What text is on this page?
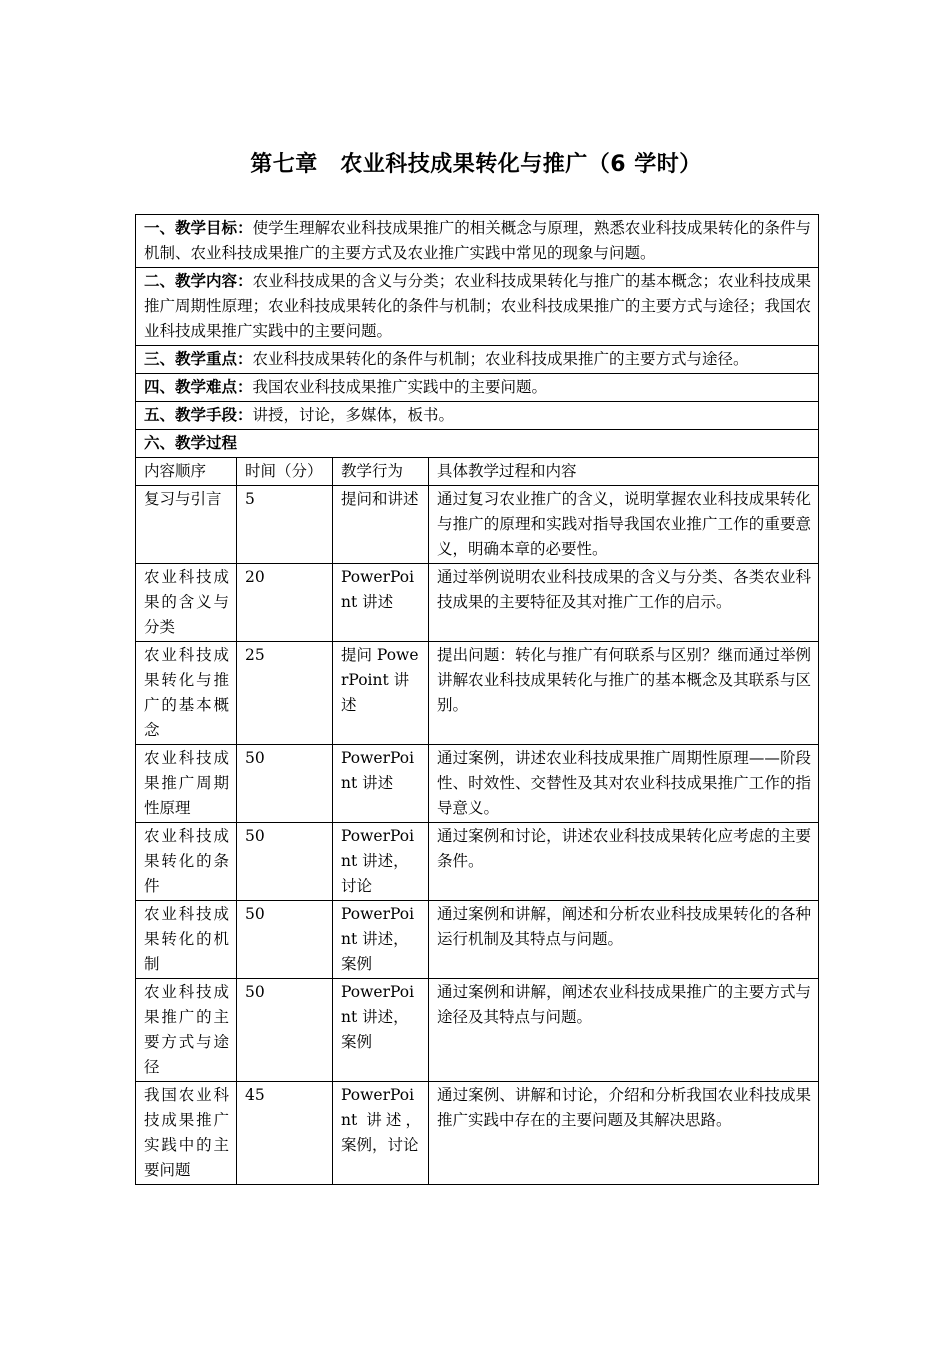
第七章　农业科技成果转化与推广（6 学时）
一、教学目标：使学生理解农业科技成果推广的相关概念与原理，熟悉农业科技成果转化的条件与机制、农业科技成果推广的主要方式及农业推广实践中常见的现象与问题。			
二、教学内容：农业科技成果的含义与分类；农业科技成果转化与推广的基本概念；农业科技成果推广周期性原理；农业科技成果转化的条件与机制；农业科技成果推广的主要方式与途径；我国农业科技成果推广实践中的主要问题。			
三、教学重点：农业科技成果转化的条件与机制；农业科技成果推广的主要方式与途径。			
四、教学难点：我国农业科技成果推广实践中的主要问题。			
五、教学手段：讲授，讨论，多媒体，板书。			
六、教学过程			
内容顺序	时间（分）	教学行为	具体教学过程和内容
复习与引言	5	提问和讲述	通过复习农业推广的含义，说明掌握农业科技成果转化与推广的原理和实践对指导我国农业推广工作的重要意义，明确本章的必要性。
农业科技成果的含义与分类	20	PowerPoint 讲述	通过举例说明农业科技成果的含义与分类、各类农业科技成果的主要特征及其对推广工作的启示。
农业科技成果转化与推广的基本概念	25	提问 PowerPoint 讲述	提出问题：转化与推广有何联系与区别？继而通过举例讲解农业科技成果转化与推广的基本概念及其联系与区别。
农业科技成果推广周期性原理	50	PowerPoint 讲述	通过案例，讲述农业科技成果推广周期性原理——阶段性、时效性、交替性及其对农业科技成果推广工作的指导意义。
农业科技成果转化的条件	50	PowerPoint 讲述，讨论	通过案例和讨论，讲述农业科技成果转化应考虑的主要条件。
农业科技成果转化的机制	50	PowerPoint 讲述，案例	通过案例和讲解，阐述和分析农业科技成果转化的各种运行机制及其特点与问题。
农业科技成果推广的主要方式与途径	50	PowerPoint 讲述，案例	通过案例和讲解，阐述农业科技成果推广的主要方式与途径及其特点与问题。
我国农业科技成果推广实践中的主要问题	45	PowerPoint 讲述，案例，讨论	通过案例、讲解和讨论，介绍和分析我国农业科技成果推广实践中存在的主要问题及其解决思路。
